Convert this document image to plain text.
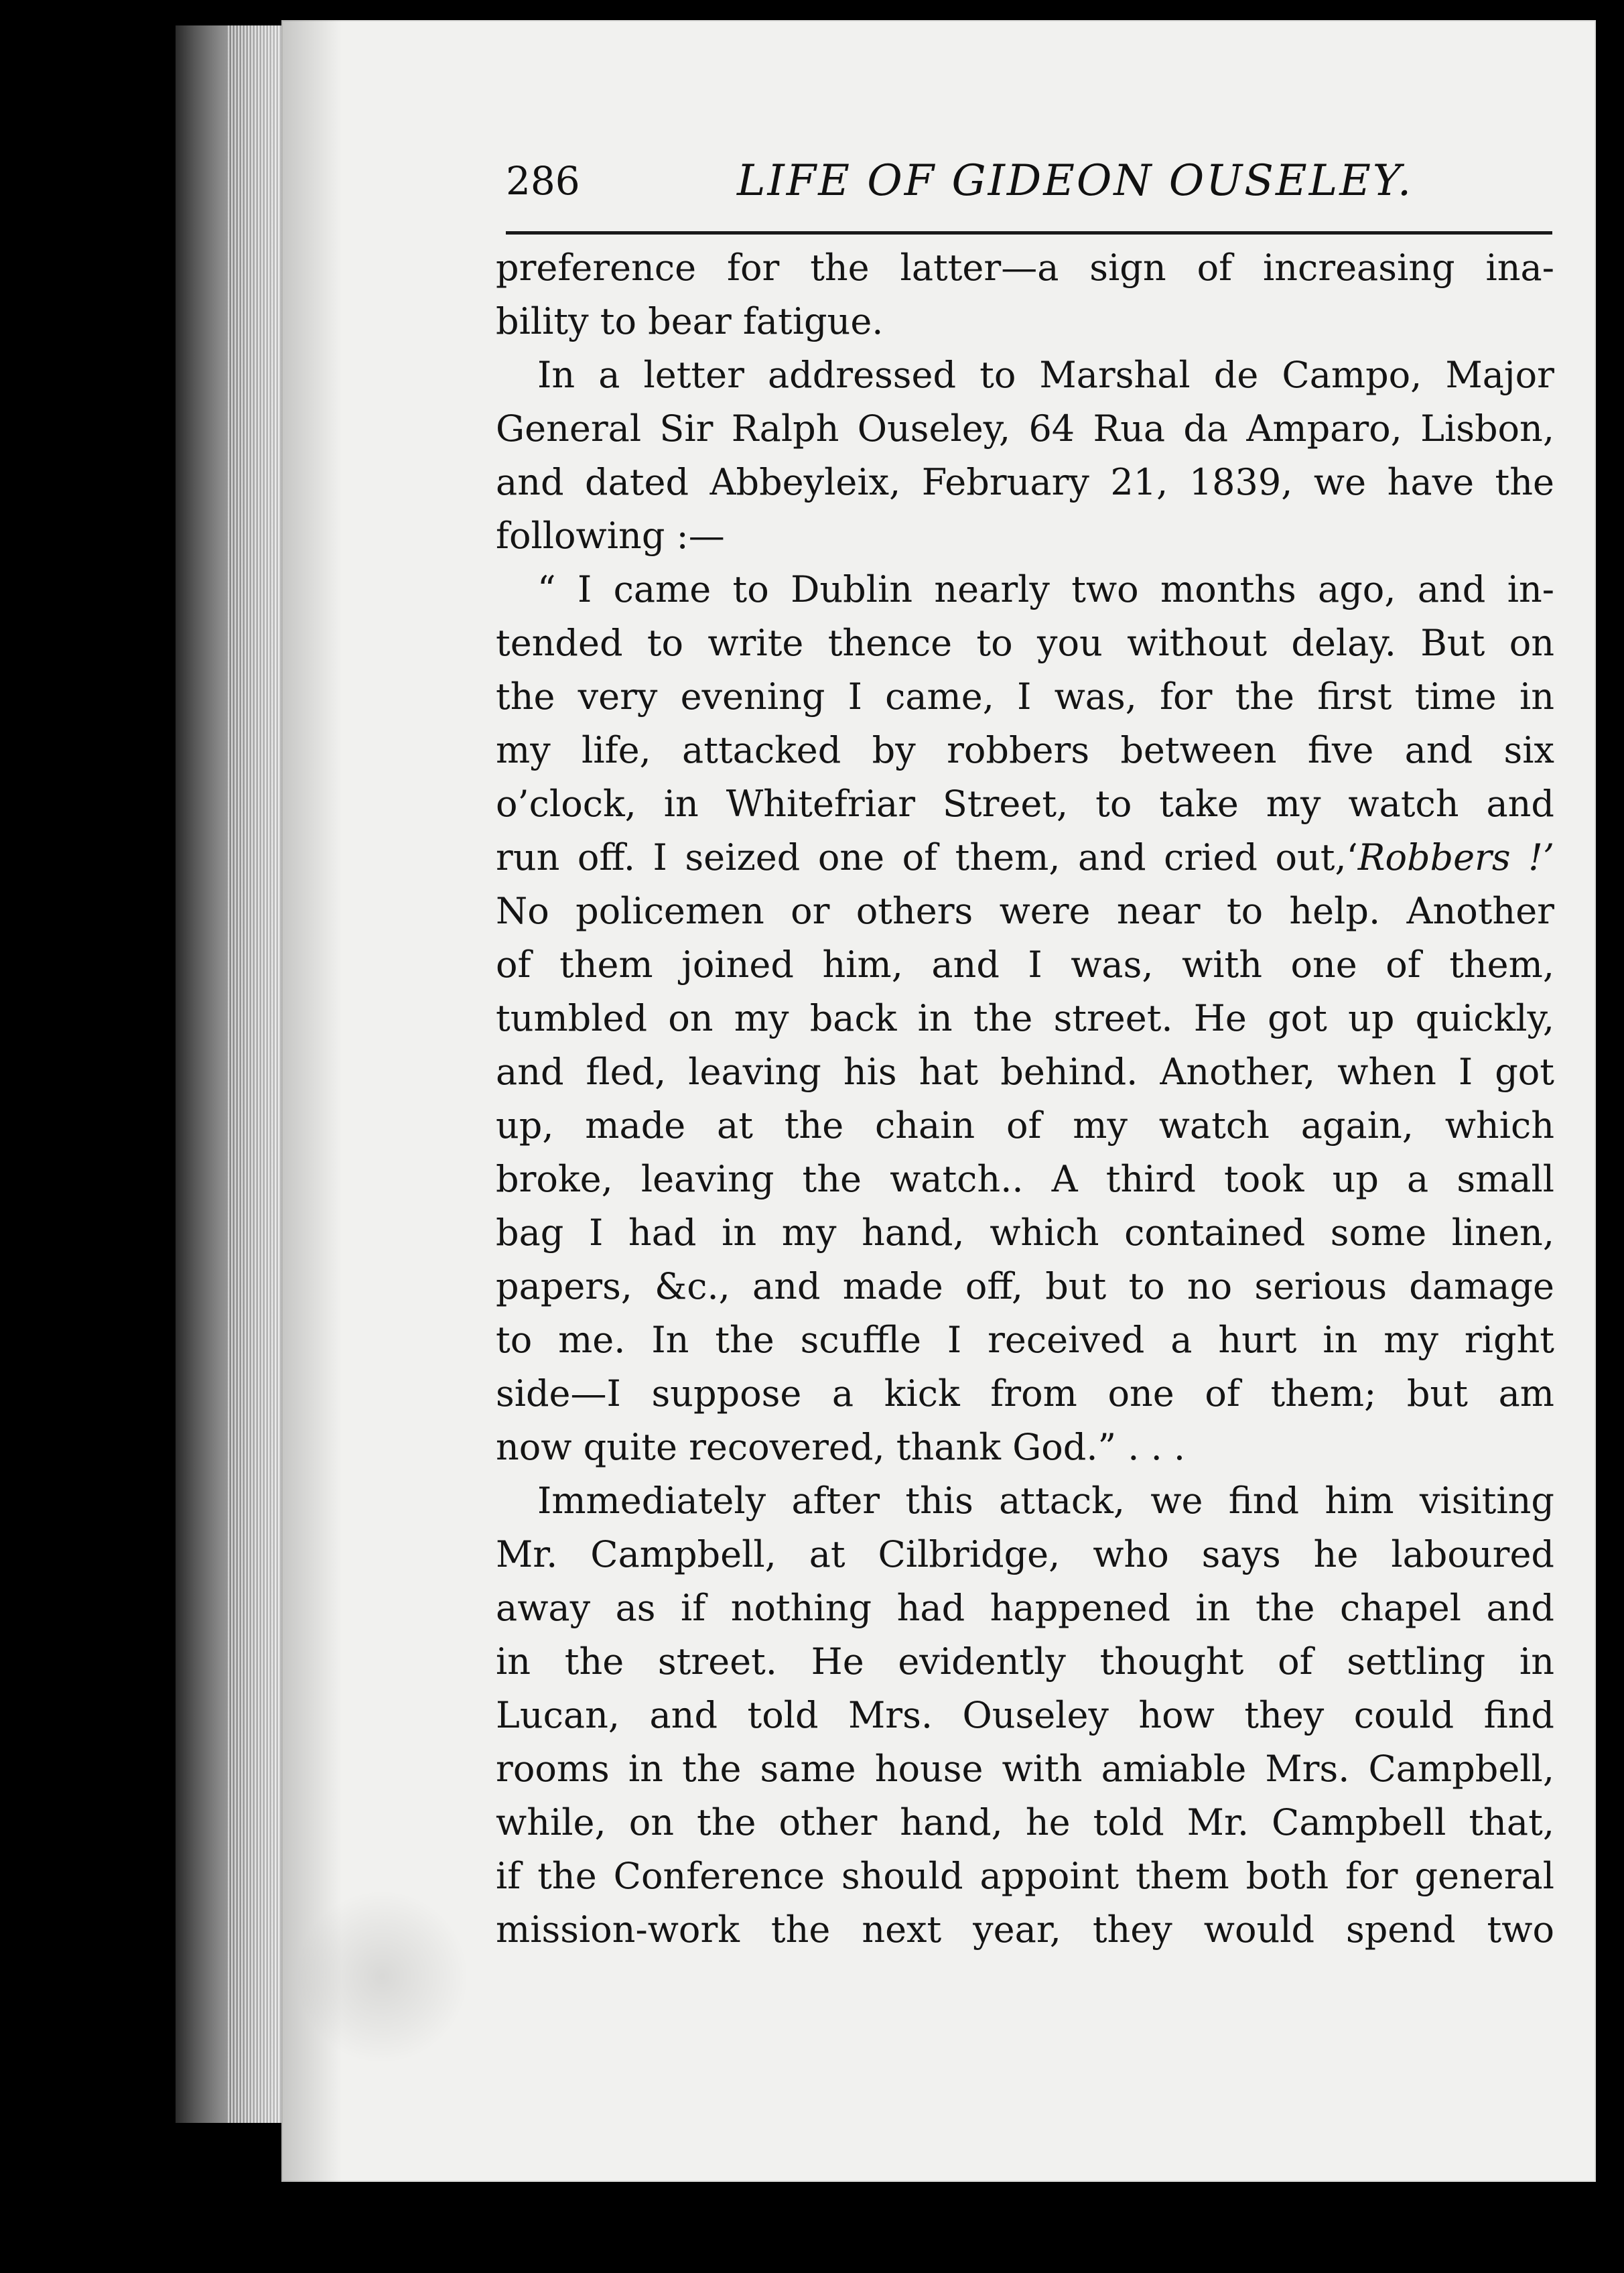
286	LIFE OF GIDEON OUSELEY.
preference for the latter—a sign of increasing ina-
bility to bear fatigue.
In a letter addressed to Marshal de Campo, Major
General Sir Ralph Ouseley, 64 Rua da Amparo, Lisbon,
and dated Abbeyleix, February 21, 1839, we have the
following :—
“ I came to Dublin nearly two months ago, and in-
tended to write thence to you without delay. But on
the very evening I came, I was, for the first time in
my life, attacked by robbers between five and six
o’clock, in Whitefriar Street, to take my watch and
run off. I seized one of them, and cried out,‘Robbers !’
No policemen or others were near to help. Another
of them joined him, and I was, with one of them,
tumbled on my back in the street. He got up quickly,
and fled, leaving his hat behind. Another, when I got
up, made at the chain of my watch again, which
broke, leaving the watch.. A third took up a small
bag I had in my hand, which contained some linen,
papers, &c., and made off, but to no serious damage
to me. In the scuffle I received a hurt in my right
side—I suppose a kick from one of them; but am
now quite recovered, thank God.” . . .
Immediately after this attack, we find him visiting
Mr. Campbell, at Cilbridge, who says he laboured
away as if nothing had happened in the chapel and
in the street. He evidently thought of settling in
Lucan, and told Mrs. Ouseley how they could find
rooms in the same house with amiable Mrs. Campbell,
while, on the other hand, he told Mr. Campbell that,
if the Conference should appoint them both for general
mission-work the next year, they would spend two
